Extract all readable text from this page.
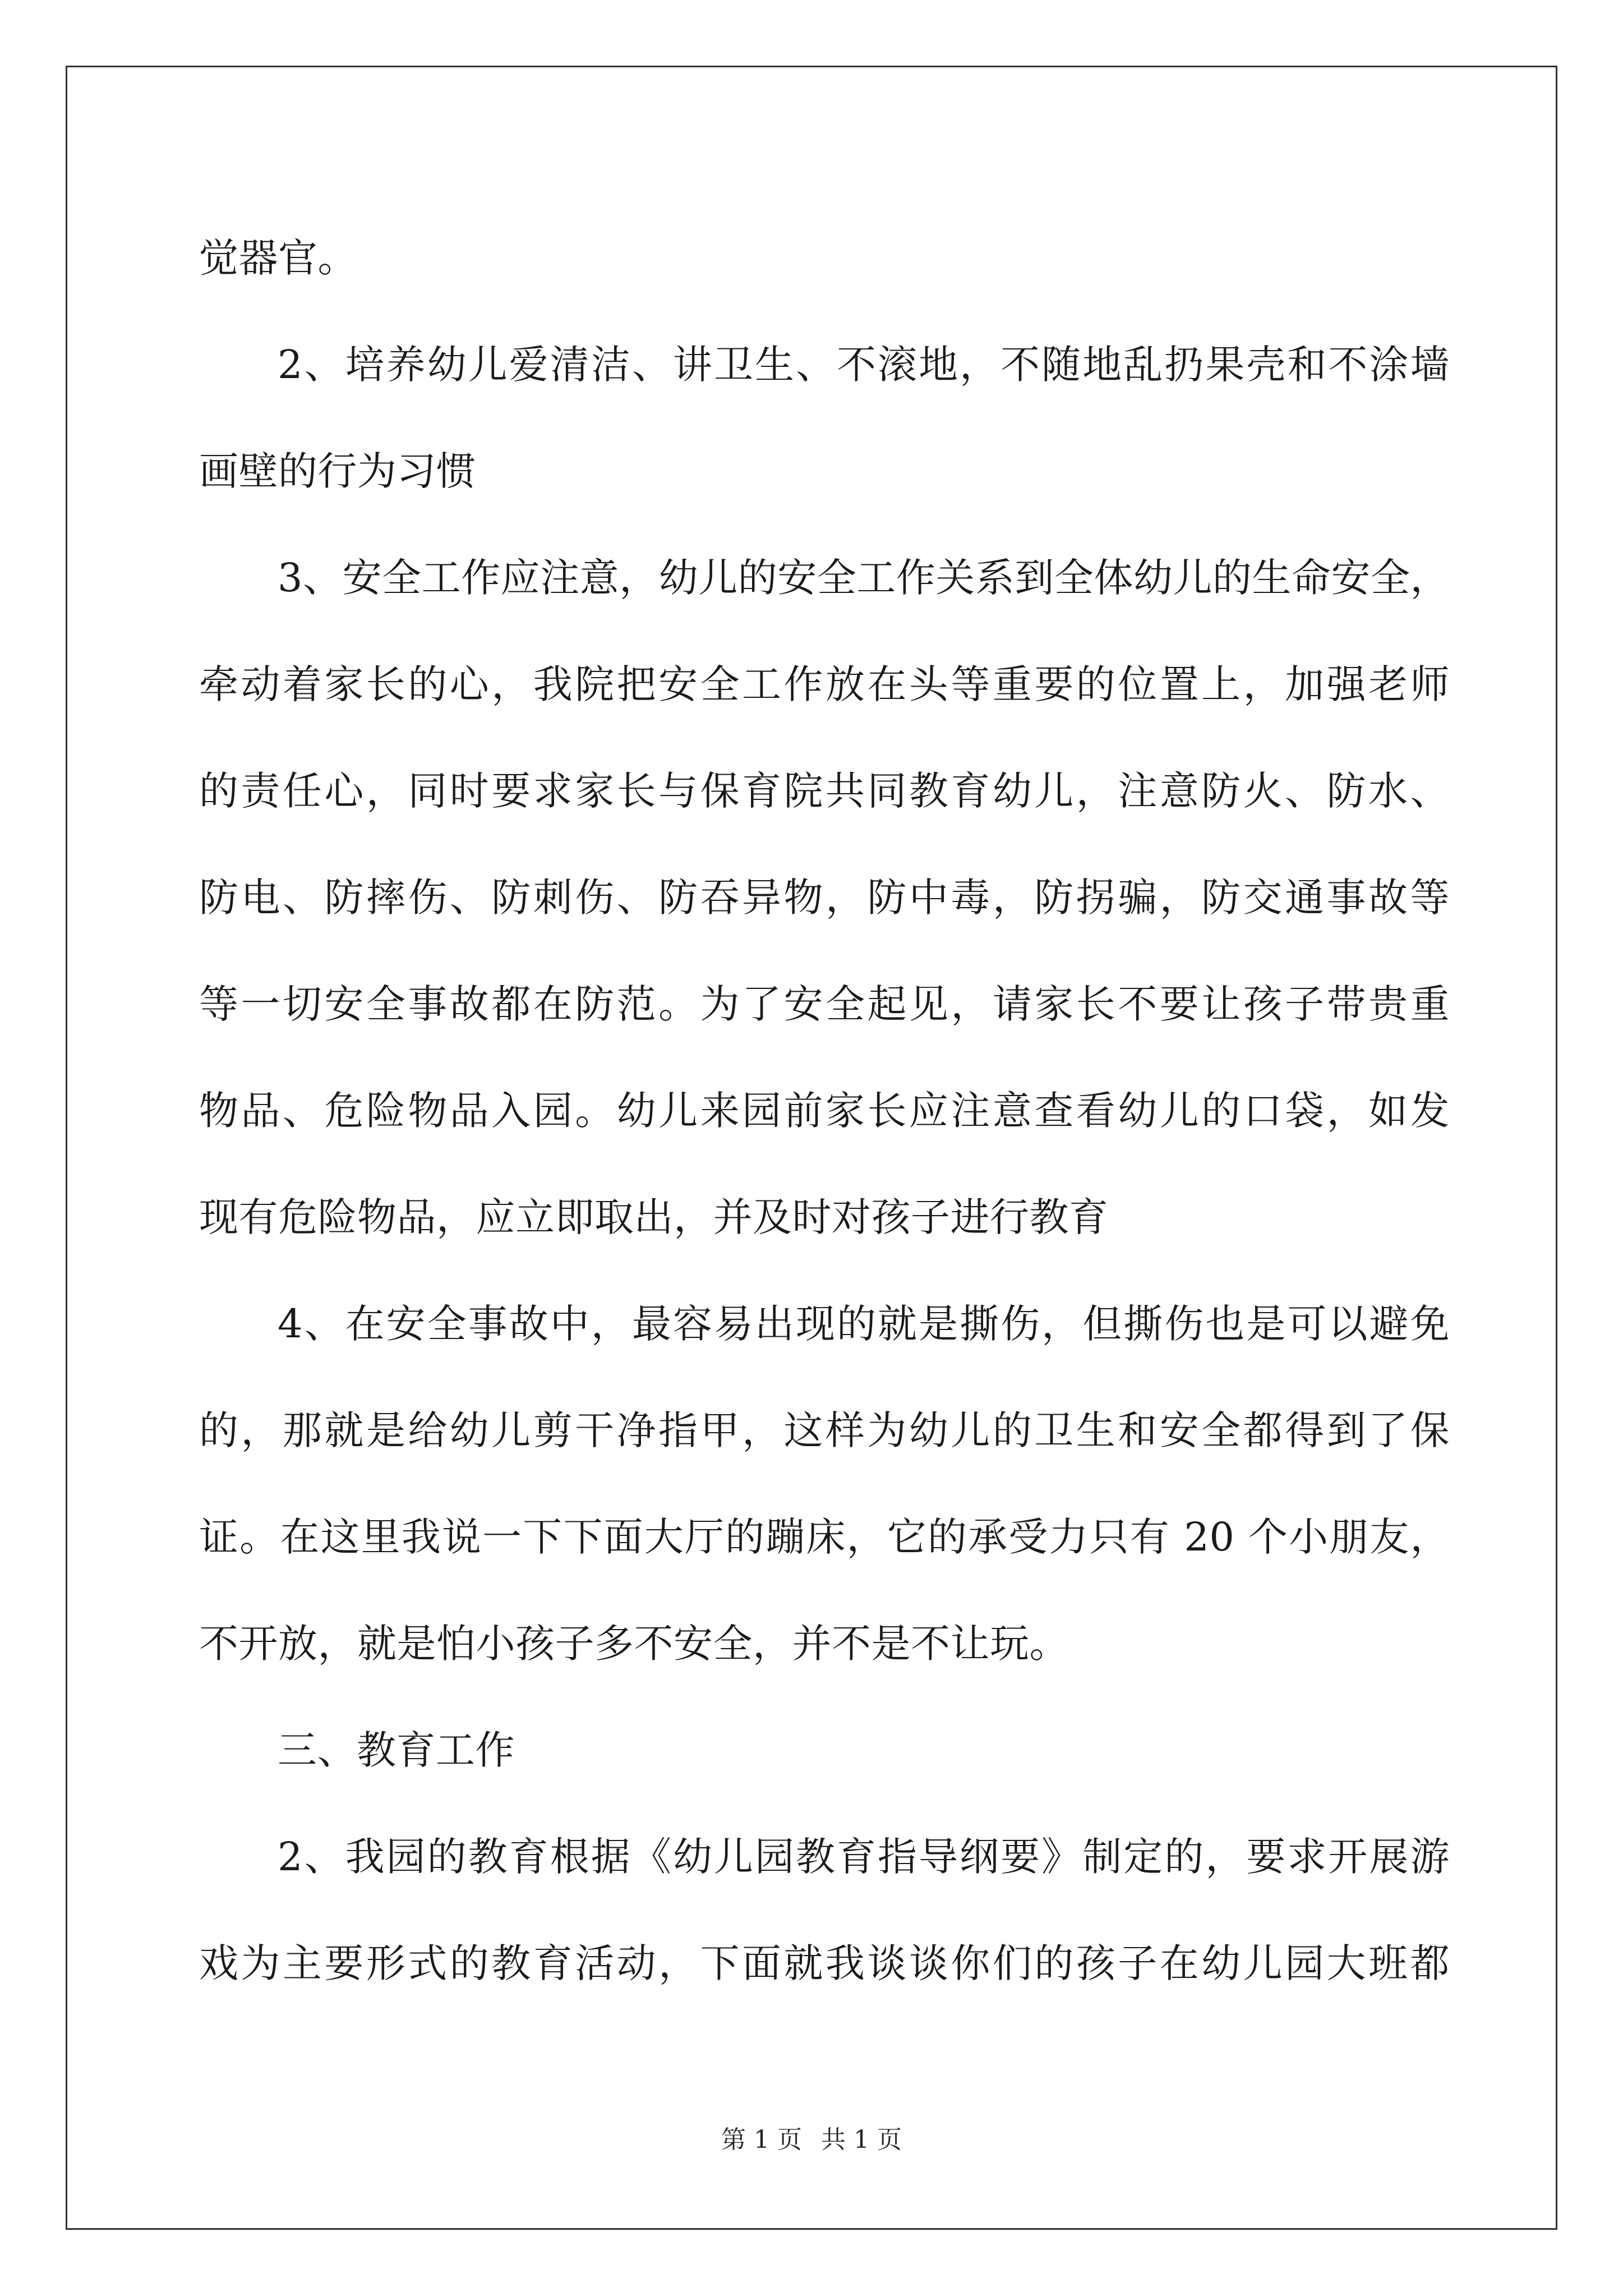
觉器官。
2、培养幼儿爱清洁、讲卫生、不滚地，不随地乱扔果壳和不涂墙
画壁的行为习惯
3、安全工作应注意，幼儿的安全工作关系到全体幼儿的生命安全，
牵动着家长的心，我院把安全工作放在头等重要的位置上，加强老师
的责任心，同时要求家长与保育院共同教育幼儿，注意防火、防水、
防电、防摔伤、防刺伤、防吞异物，防中毒，防拐骗，防交通事故等
等一切安全事故都在防范。为了安全起见，请家长不要让孩子带贵重
物品、危险物品入园。幼儿来园前家长应注意查看幼儿的口袋，如发
现有危险物品，应立即取出，并及时对孩子进行教育
4、在安全事故中，最容易出现的就是撕伤，但撕伤也是可以避免
的，那就是给幼儿剪干净指甲，这样为幼儿的卫生和安全都得到了保
证。在这里我说一下下面大厅的蹦床，它的承受力只有 20 个小朋友，
不开放，就是怕小孩子多不安全，并不是不让玩。
三、教育工作
2、我园的教育根据《幼儿园教育指导纲要》制定的，要求开展游
戏为主要形式的教育活动，下面就我谈谈你们的孩子在幼儿园大班都
第 1 页 共 1 页
